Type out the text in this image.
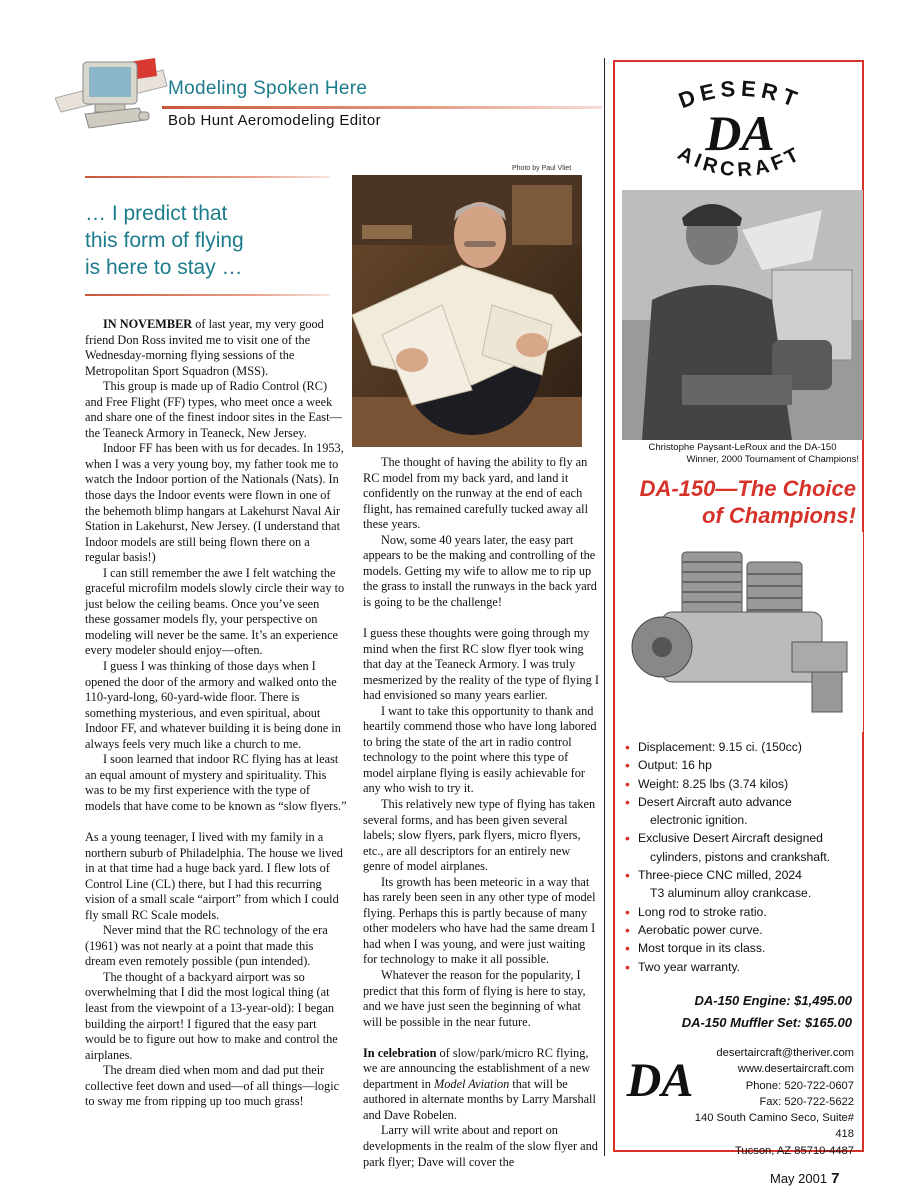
Modeling Spoken Here
Bob Hunt Aeromodeling Editor

… I predict that
this form of flying
is here to stay …

Photo by Paul Vliet

IN NOVEMBER of last year, my very good friend Don Ross invited me to visit one of the Wednesday-morning flying sessions of the Metropolitan Sport Squadron (MSS).

This group is made up of Radio Control (RC) and Free Flight (FF) types, who meet once a week and share one of the finest indoor sites in the East—the Teaneck Armory in Teaneck, New Jersey.

Indoor FF has been with us for decades. In 1953, when I was a very young boy, my father took me to watch the Indoor portion of the Nationals (Nats). In those days the Indoor events were flown in one of the behemoth blimp hangars at Lakehurst Naval Air Station in Lakehurst, New Jersey. (I understand that Indoor models are still being flown there on a regular basis!)

I can still remember the awe I felt watching the graceful microfilm models slowly circle their way to just below the ceiling beams. Once you’ve seen these gossamer models fly, your perspective on modeling will never be the same. It’s an experience every modeler should enjoy—often.

I guess I was thinking of those days when I opened the door of the armory and walked onto the 110-yard-long, 60-yard-wide floor. There is something mysterious, and even spiritual, about Indoor FF, and whatever building it is being done in always feels very much like a church to me.

I soon learned that indoor RC flying has at least an equal amount of mystery and spirituality. This was to be my first experience with the type of models that have come to be known as “slow flyers.”

As a young teenager, I lived with my family in a northern suburb of Philadelphia. The house we lived in at that time had a huge back yard. I flew lots of Control Line (CL) there, but I had this recurring vision of a small scale “airport” from which I could fly small RC Scale models.

Never mind that the RC technology of the era (1961) was not nearly at a point that made this dream even remotely possible (pun intended).

The thought of a backyard airport was so overwhelming that I did the most logical thing (at least from the viewpoint of a 13-year-old): I began building the airport! I figured that the easy part would be to figure out how to make and control the airplanes.

The dream died when mom and dad put their collective feet down and used—of all things—logic to sway me from ripping up too much grass!

The thought of having the ability to fly an RC model from my back yard, and land it confidently on the runway at the end of each flight, has remained carefully tucked away all these years.

Now, some 40 years later, the easy part appears to be the making and controlling of the models. Getting my wife to allow me to rip up the grass to install the runways in the back yard is going to be the challenge!

I guess these thoughts were going through my mind when the first RC slow flyer took wing that day at the Teaneck Armory. I was truly mesmerized by the reality of the type of flying I had envisioned so many years earlier.

I want to take this opportunity to thank and heartily commend those who have long labored to bring the state of the art in radio control technology to the point where this type of model airplane flying is easily achievable for any who wish to try it.

This relatively new type of flying has taken several forms, and has been given several labels; slow flyers, park flyers, micro flyers, etc., are all descriptors for an entirely new genre of model airplanes.

Its growth has been meteoric in a way that has rarely been seen in any other type of model flying. Perhaps this is partly because of many other modelers who have had the same dream I had when I was young, and were just waiting for technology to make it all possible.

Whatever the reason for the popularity, I predict that this form of flying is here to stay, and we have just seen the beginning of what will be possible in the near future.

In celebration of slow/park/micro RC flying, we are announcing the establishment of a new department in Model Aviation that will be authored in alternate months by Larry Marshall and Dave Robelen.

Larry will write about and report on developments in the realm of the slow flyer and park flyer; Dave will cover the

DESERT
AIRCRAFT
DA
Christophe Paysant-LeRoux and the DA-150
Winner, 2000 Tournament of Champions!
DA-150—The Choice
of Champions!
• Displacement: 9.15 ci. (150cc)
• Output: 16 hp
• Weight: 8.25 lbs (3.74 kilos)
• Desert Aircraft auto advance
electronic ignition.
• Exclusive Desert Aircraft designed
cylinders, pistons and crankshaft.
• Three-piece CNC milled, 2024
T3 aluminum alloy crankcase.
• Long rod to stroke ratio.
• Aerobatic power curve.
• Most torque in its class.
• Two year warranty.
DA-150 Engine: $1,495.00
DA-150 Muffler Set: $165.00
DA
desertaircraft@theriver.com
www.desertaircraft.com
Phone: 520-722-0607
Fax: 520-722-5622
140 South Camino Seco, Suite# 418
Tucson, AZ 85710-4487
May 2001 7
